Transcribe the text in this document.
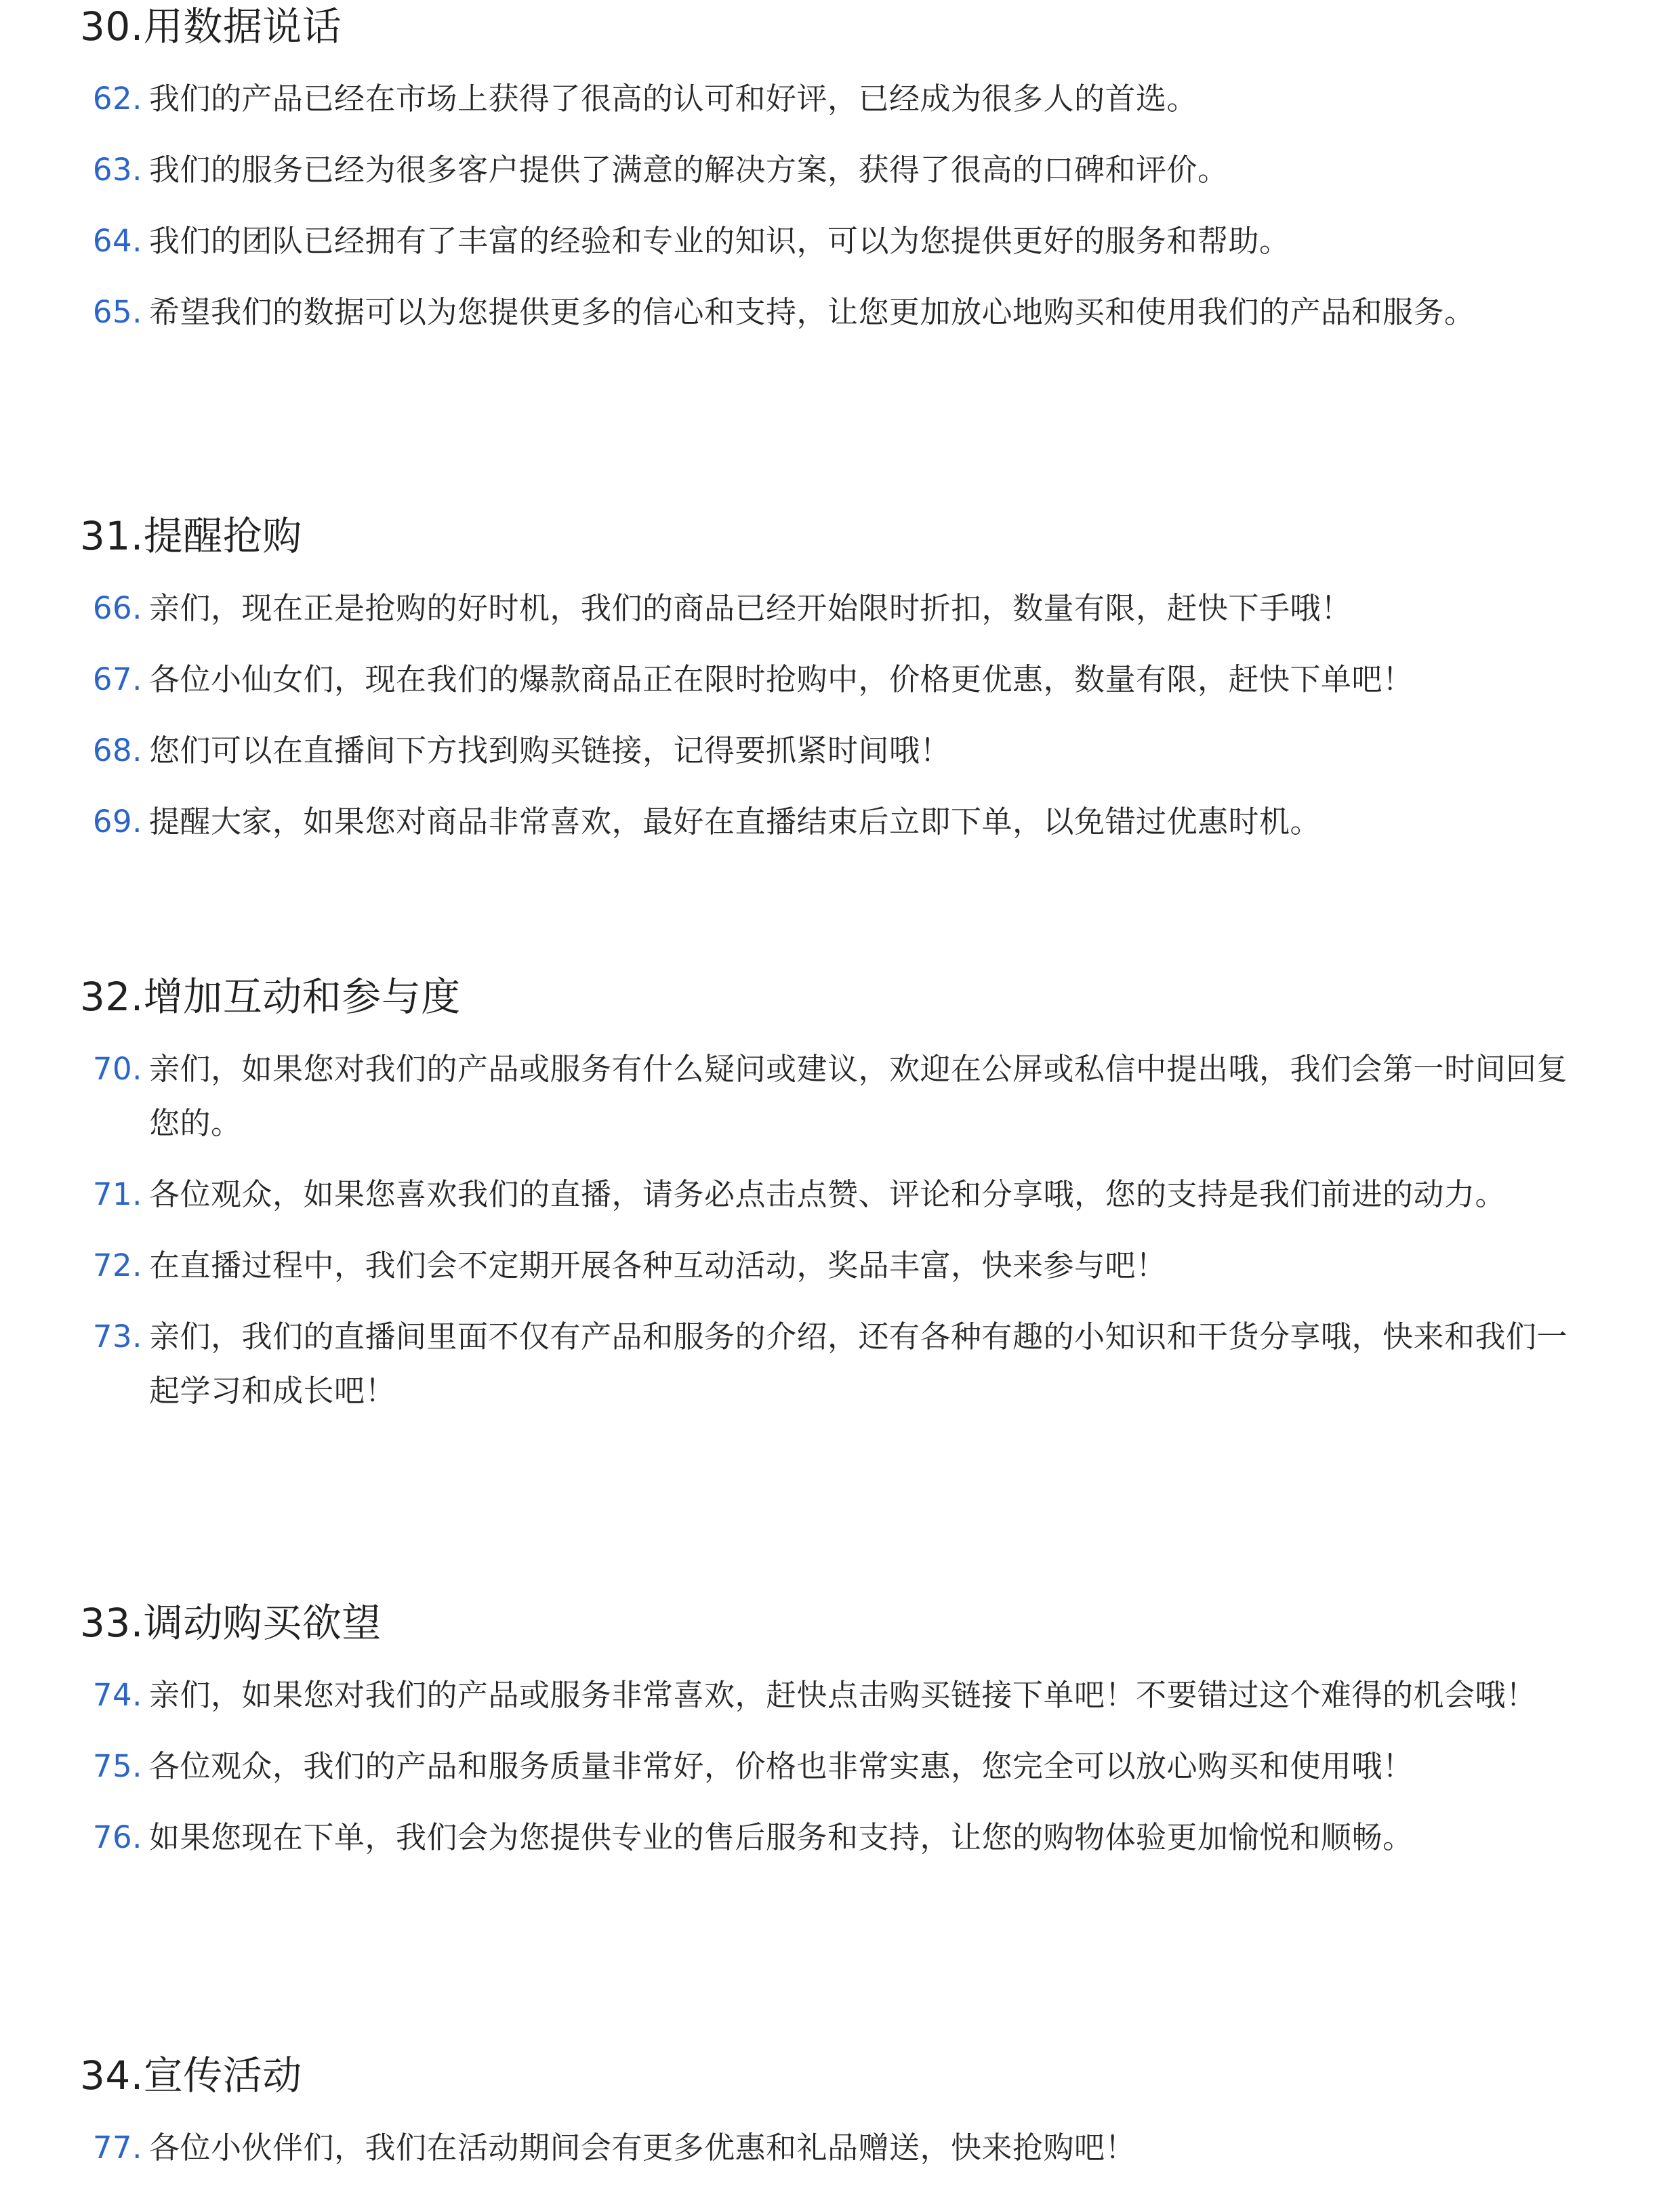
30.用数据说话
62. 我们的产品已经在市场上获得了很高的认可和好评，已经成为很多人的首选。
63. 我们的服务已经为很多客户提供了满意的解决方案，获得了很高的口碑和评价。
64. 我们的团队已经拥有了丰富的经验和专业的知识，可以为您提供更好的服务和帮助。
65. 希望我们的数据可以为您提供更多的信心和支持，让您更加放心地购买和使用我们的产品和服务。
31.提醒抢购
66. 亲们，现在正是抢购的好时机，我们的商品已经开始限时折扣，数量有限，赶快下手哦！
67. 各位小仙女们，现在我们的爆款商品正在限时抢购中，价格更优惠，数量有限，赶快下单吧！
68. 您们可以在直播间下方找到购买链接，记得要抓紧时间哦！
69. 提醒大家，如果您对商品非常喜欢，最好在直播结束后立即下单，以免错过优惠时机。
32.增加互动和参与度
70. 亲们，如果您对我们的产品或服务有什么疑问或建议，欢迎在公屏或私信中提出哦，我们会第一时间回复您的。
71. 各位观众，如果您喜欢我们的直播，请务必点击点赞、评论和分享哦，您的支持是我们前进的动力。
72. 在直播过程中，我们会不定期开展各种互动活动，奖品丰富，快来参与吧！
73. 亲们，我们的直播间里面不仅有产品和服务的介绍，还有各种有趣的小知识和干货分享哦，快来和我们一起学习和成长吧！
33.调动购买欲望
74. 亲们，如果您对我们的产品或服务非常喜欢，赶快点击购买链接下单吧！不要错过这个难得的机会哦！
75. 各位观众，我们的产品和服务质量非常好，价格也非常实惠，您完全可以放心购买和使用哦！
76. 如果您现在下单，我们会为您提供专业的售后服务和支持，让您的购物体验更加愉悦和顺畅。
34.宣传活动
77. 各位小伙伴们，我们在活动期间会有更多优惠和礼品赠送，快来抢购吧！
